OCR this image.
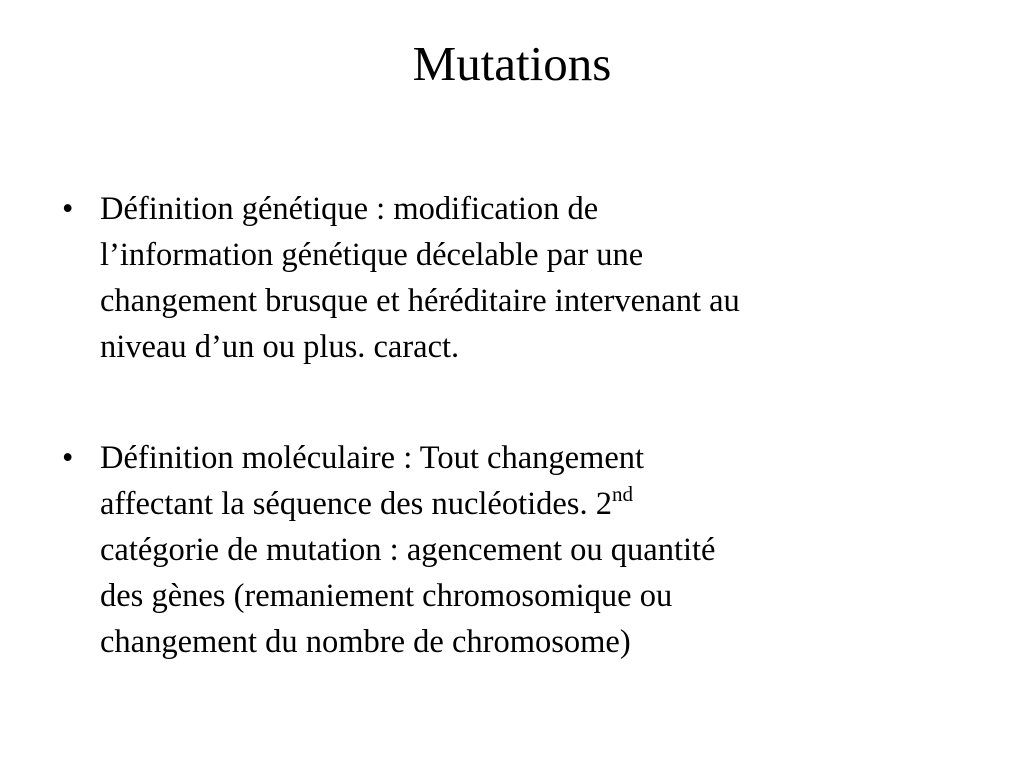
Mutations
• Définition génétique : modification de
l’information génétique décelable par une
changement brusque et héréditaire intervenant au
niveau d’un ou plus. caract.
• Définition moléculaire : Tout changement
affectant la séquence des nucléotides. 2nd
catégorie de mutation : agencement ou quantité
des gènes (remaniement chromosomique ou
changement du nombre de chromosome)
